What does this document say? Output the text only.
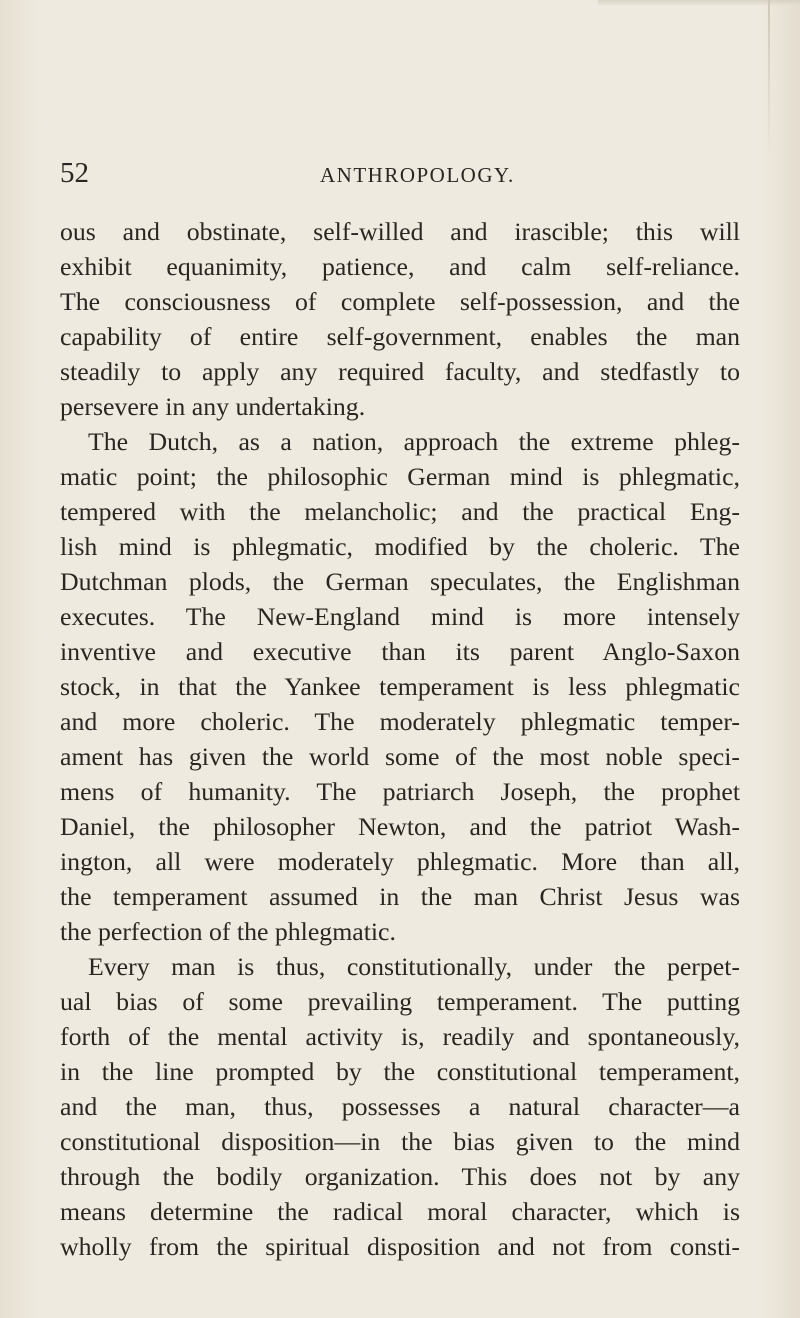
52	ANTHROPOLOGY.
ous and obstinate, self-willed and irascible; this will
exhibit equanimity, patience, and calm self-reliance.
The consciousness of complete self-possession, and the
capability of entire self-government, enables the man
steadily to apply any required faculty, and stedfastly to
persevere in any undertaking.
The Dutch, as a nation, approach the extreme phleg-
matic point; the philosophic German mind is phlegmatic,
tempered with the melancholic; and the practical Eng-
lish mind is phlegmatic, modified by the choleric. The
Dutchman plods, the German speculates, the Englishman
executes. The New-England mind is more intensely
inventive and executive than its parent Anglo-Saxon
stock, in that the Yankee temperament is less phlegmatic
and more choleric. The moderately phlegmatic temper-
ament has given the world some of the most noble speci-
mens of humanity. The patriarch Joseph, the prophet
Daniel, the philosopher Newton, and the patriot Wash-
ington, all were moderately phlegmatic. More than all,
the temperament assumed in the man Christ Jesus was
the perfection of the phlegmatic.
Every man is thus, constitutionally, under the perpet-
ual bias of some prevailing temperament. The putting
forth of the mental activity is, readily and spontaneously,
in the line prompted by the constitutional temperament,
and the man, thus, possesses a natural character—a
constitutional disposition—in the bias given to the mind
through the bodily organization. This does not by any
means determine the radical moral character, which is
wholly from the spiritual disposition and not from consti-
